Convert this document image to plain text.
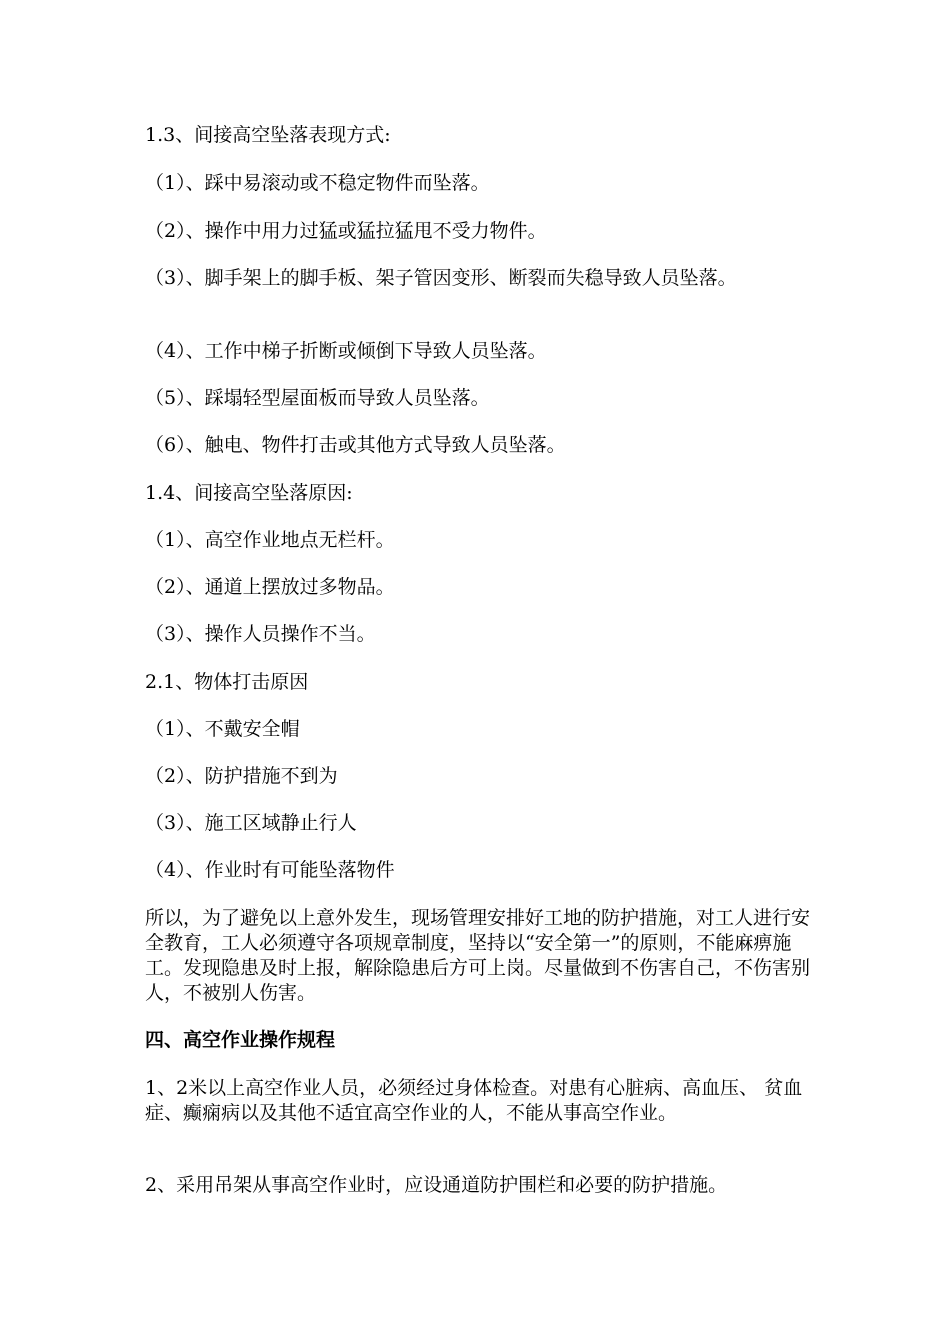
1.3、间接高空坠落表现方式:

（1）、踩中易滚动或不稳定物件而坠落。

（2）、操作中用力过猛或猛拉猛甩不受力物件。

（3）、脚手架上的脚手板、架子管因变形、断裂而失稳导致人员坠落。

（4）、工作中梯子折断或倾倒下导致人员坠落。

（5）、踩塌轻型屋面板而导致人员坠落。

（6）、触电、物件打击或其他方式导致人员坠落。

1.4、间接高空坠落原因:

（1）、高空作业地点无栏杆。

（2）、通道上摆放过多物品。

（3）、操作人员操作不当。

2.1、物体打击原因

（1）、不戴安全帽

（2）、防护措施不到为

（3）、施工区域静止行人

（4）、作业时有可能坠落物件

所以，为了避免以上意外发生，现场管理安排好工地的防护措施，对工人进行安全教育，工人必须遵守各项规章制度，坚持以“安全第一”的原则，不能麻痹施工。发现隐患及时上报，解除隐患后方可上岗。尽量做到不伤害自己，不伤害别人，不被别人伤害。

四、高空作业操作规程

1、2米以上高空作业人员，必须经过身体检查。对患有心脏病、高血压、 贫血症、癫痫病以及其他不适宜高空作业的人，不能从事高空作业。

2、采用吊架从事高空作业时，应设通道防护围栏和必要的防护措施。
